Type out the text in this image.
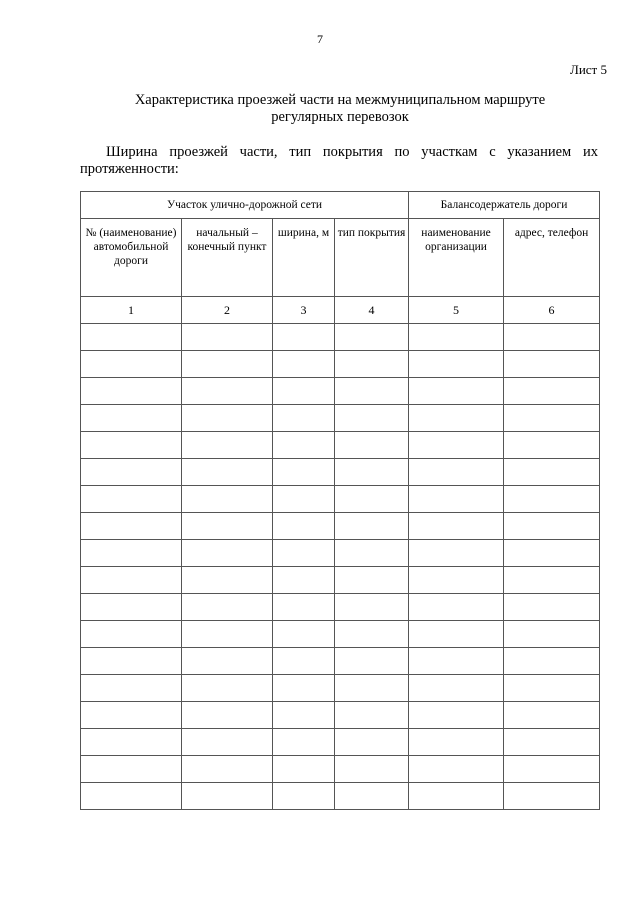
7
Лист 5
Характеристика проезжей части на межмуниципальном маршруте
регулярных перевозок
Ширина проезжей части, тип покрытия по участкам с указанием их протяженности:
Участок улично-дорожной сети				Балансодержатель дороги	
№ (наименование) автомобильной дороги	начальный – конечный пункт	ширина, м	тип покрытия	наименование организации	адрес, телефон
1	2	3	4	5	6
